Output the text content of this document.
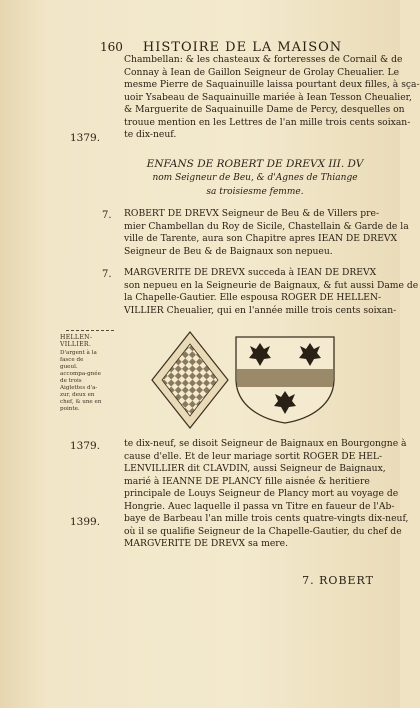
160 HISTOIRE DE LA MAISON
Chambellan: & les chasteaux & forteresses de Cornail & de
Connay à Iean de Gaillon Seigneur de Grolay Cheualier. Le
mesme Pierre de Saquainuille laissa pourtant deux filles, à sça-
uoir Ysabeau de Saquainuille mariée à Iean Tesson Cheualier,
& Marguerite de Saquainuille Dame de Percy, desquelles on
trouue mention en les Lettres de l'an mille trois cents soixan-
te dix-neuf.
1379.
ENFANS DE ROBERT DE DREVX III. DV
nom Seigneur de Beu, & d'Agnes de Thiange
sa troisiesme femme.
7. ROBERT DE DREVX Seigneur de Beu & de Villers pre-
mier Chambellan du Roy de Sicile, Chastellain & Garde de la
ville de Tarente, aura son Chapitre apres IEAN DE DREVX
Seigneur de Beu & de Baignaux son nepueu.
7. MARGVERITE DE DREVX succeda à IEAN DE DREVX
son nepueu en la Seigneurie de Baignaux, & fut aussi Dame de
la Chapelle-Gautier. Elle espousa ROGER DE HELLEN-
VILLIER Cheualier, qui en l'année mille trois cents soixan-
HELLEN-VILLIER.
D'argent à la fasce de gueul. accompa-gnée de trois Aiglettes d'a-zur, deux en chef, & une en pointe.
1379.
1399.
te dix-neuf, se disoit Seigneur de Baignaux en Bourgongne à
cause d'elle. Et de leur mariage sortit ROGER DE HEL-
LENVILLIER dit CLAVDIN, aussi Seigneur de Baignaux,
marié à IEANNE DE PLANCY fille aisnée & heritiere
principale de Louys Seigneur de Plancy mort au voyage de
Hongrie. Auec laquelle il passa vn Titre en faueur de l'Ab-
baye de Barbeau l'an mille trois cents quatre-vingts dix-neuf,
où il se qualifie Seigneur de la Chapelle-Gautier, du chef de
MARGVERITE DE DREVX sa mere.
7. ROBERT
